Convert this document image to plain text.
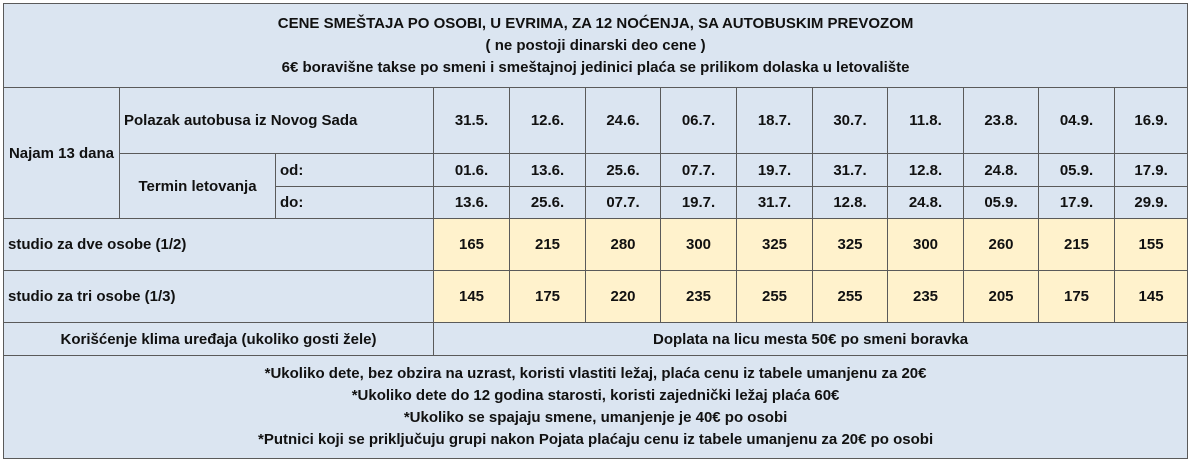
CENE SMEŠTAJA PO OSOBI, U EVRIMA, ZA 12 NOĆENJA, SA AUTOBUSKIM PREVOZOM
( ne postoji dinarski deo cene )
6€ boravišne takse po smeni i smeštajnoj jedinici plaća se prilikom dolaska u letovalište												

Najam 13 dana	Polazak autobusa iz Novog Sada		31.5.	12.6.	24.6.	06.7.	18.7.	30.7.	11.8.	23.8.	04.9.	16.9.
	Termin letovanja	od:	01.6.	13.6.	25.6.	07.7.	19.7.	31.7.	12.8.	24.8.	05.9.	17.9.
		do:	13.6.	25.6.	07.7.	19.7.	31.7.	12.8.	24.8.	05.9.	17.9.	29.9.
studio za dve osobe (1/2)			165	215	280	300	325	325	300	260	215	155
studio za tri osobe (1/3)			145	175	220	235	255	255	235	205	175	145
Korišćenje klima uređaja (ukoliko gosti žele)			Doplata na licu mesta 50€ po smeni boravka									

*Ukoliko dete, bez obzira na uzrast, koristi vlastiti ležaj, plaća cenu iz tabele umanjenu za 20€
*Ukoliko dete do 12 godina starosti, koristi zajednički ležaj plaća 60€
*Ukoliko se spajaju smene, umanjenje je 40€ po osobi
*Putnici koji se priključuju grupi nakon Pojata plaćaju cenu iz tabele umanjenu za 20€ po osobi												
